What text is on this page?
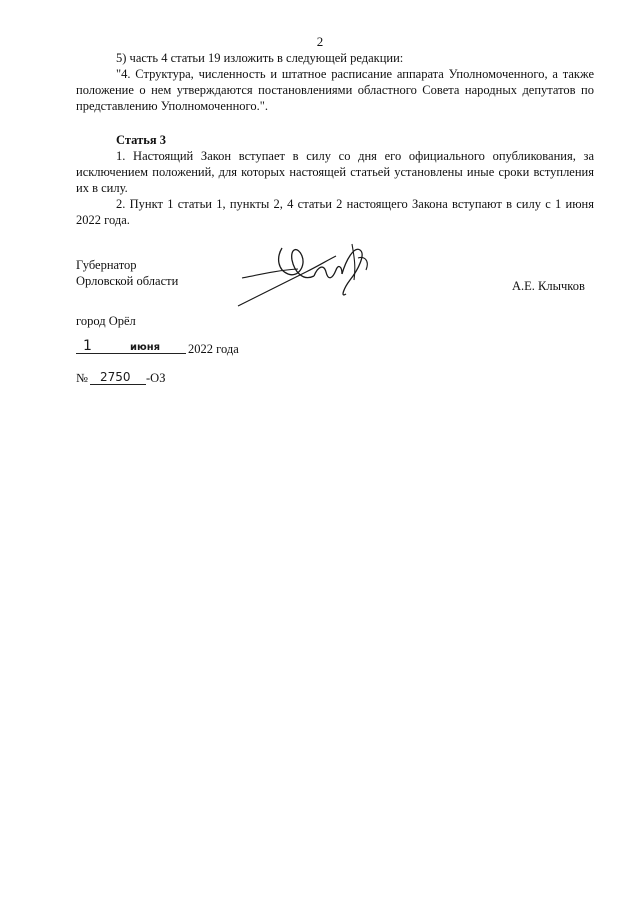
2

5) часть 4 статьи 19 изложить в следующей редакции:

"4. Структура, численность и штатное расписание аппарата Уполномоченного, а также положение о нем утверждаются постановлениями областного Совета народных депутатов по представлению Уполномоченного.".

Статья 3

1. Настоящий Закон вступает в силу со дня его официального опубликования, за исключением положений, для которых настоящей статьей установлены иные сроки вступления их в силу.

2. Пункт 1 статьи 1, пункты 2, 4 статьи 2 настоящего Закона вступают в силу с 1 июня 2022 года.

Губернатор
Орловской области	А.Е. Клычков
город Орёл
1	июня 2022 года
№ 2750 -ОЗ
